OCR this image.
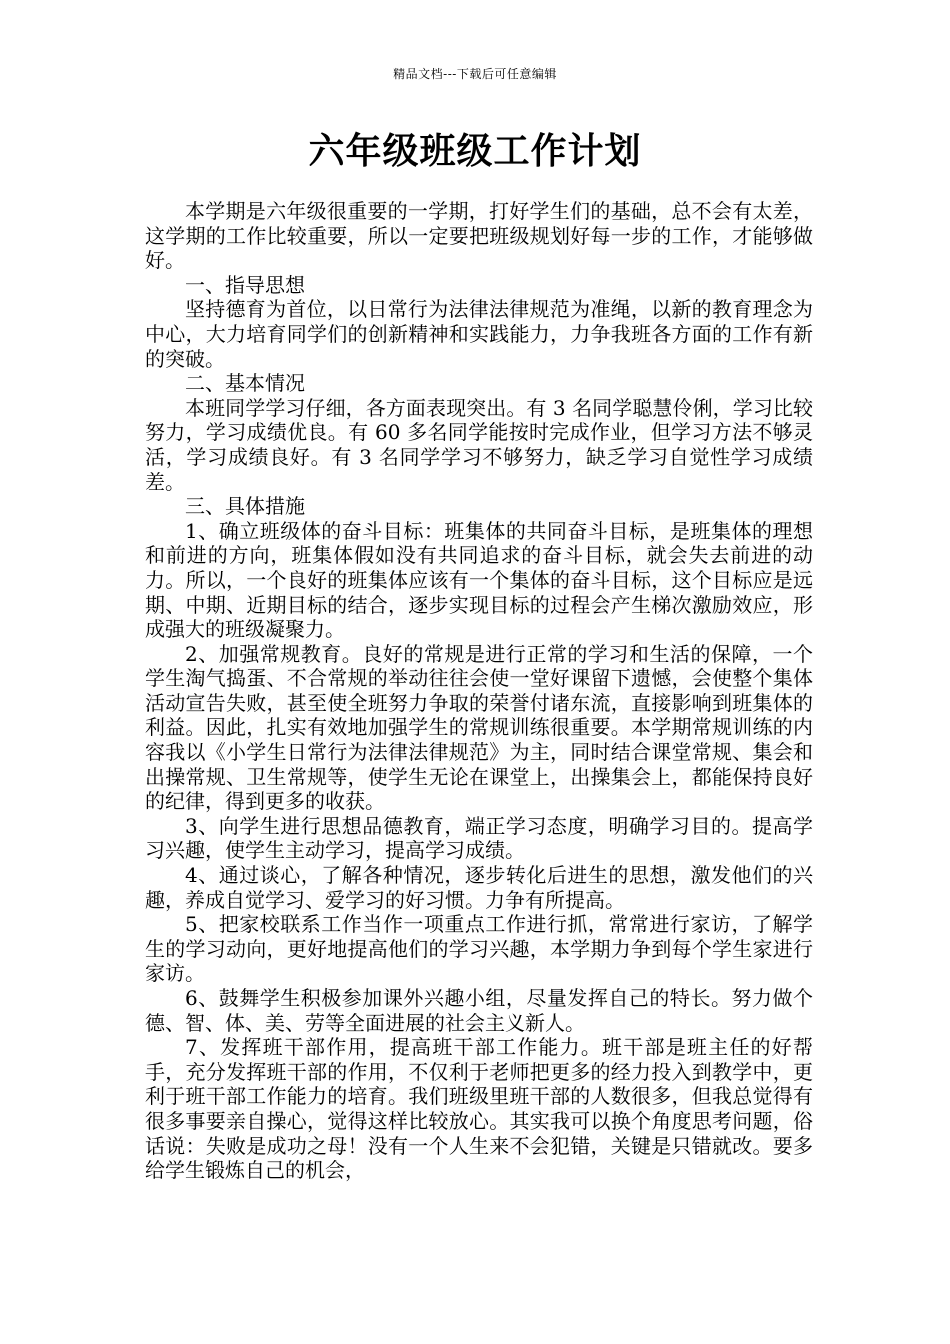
精品文档---下载后可任意编辑
六年级班级工作计划

本学期是六年级很重要的一学期，打好学生们的基础，总不会有太差，这学期的工作比较重要，所以一定要把班级规划好每一步的工作，才能够做好。

一、指导思想

坚持德育为首位，以日常行为法律法律规范为准绳，以新的教育理念为中心，大力培育同学们的创新精神和实践能力，力争我班各方面的工作有新的突破。

二、基本情况

本班同学学习仔细，各方面表现突出。有 3 名同学聪慧伶俐，学习比较努力，学习成绩优良。有 60 多名同学能按时完成作业，但学习方法不够灵活，学习成绩良好。有 3 名同学学习不够努力，缺乏学习自觉性学习成绩差。

三、具体措施

1、确立班级体的奋斗目标：班集体的共同奋斗目标，是班集体的理想和前进的方向，班集体假如没有共同追求的奋斗目标，就会失去前进的动力。所以，一个良好的班集体应该有一个集体的奋斗目标，这个目标应是远期、中期、近期目标的结合，逐步实现目标的过程会产生梯次激励效应，形成强大的班级凝聚力。

2、加强常规教育。良好的常规是进行正常的学习和生活的保障，一个学生淘气捣蛋、不合常规的举动往往会使一堂好课留下遗憾，会使整个集体活动宣告失败，甚至使全班努力争取的荣誉付诸东流，直接影响到班集体的利益。因此，扎实有效地加强学生的常规训练很重要。本学期常规训练的内容我以《小学生日常行为法律法律规范》为主，同时结合课堂常规、集会和出操常规、卫生常规等，使学生无论在课堂上，出操集会上，都能保持良好的纪律，得到更多的收获。

3、向学生进行思想品德教育，端正学习态度，明确学习目的。提高学习兴趣，使学生主动学习，提高学习成绩。

4、通过谈心，了解各种情况，逐步转化后进生的思想，激发他们的兴趣，养成自觉学习、爱学习的好习惯。力争有所提高。

5、把家校联系工作当作一项重点工作进行抓，常常进行家访，了解学生的学习动向，更好地提高他们的学习兴趣，本学期力争到每个学生家进行家访。

6、鼓舞学生积极参加课外兴趣小组，尽量发挥自己的特长。努力做个德、智、体、美、劳等全面进展的社会主义新人。

7、发挥班干部作用，提高班干部工作能力。班干部是班主任的好帮手，充分发挥班干部的作用，不仅利于老师把更多的经力投入到教学中，更利于班干部工作能力的培育。我们班级里班干部的人数很多，但我总觉得有很多事要亲自操心，觉得这样比较放心。其实我可以换个角度思考问题，俗话说：失败是成功之母！没有一个人生来不会犯错，关键是只错就改。要多给学生锻炼自己的机会，
